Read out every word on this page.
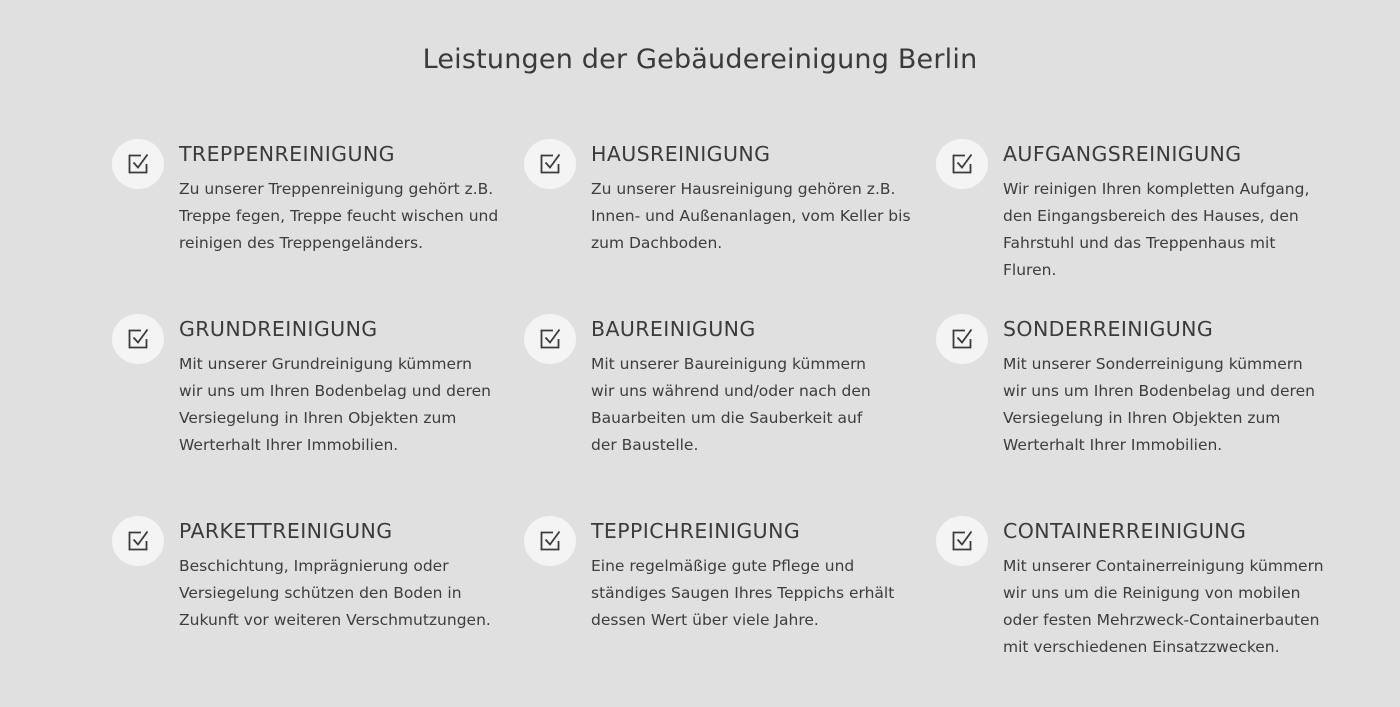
Leistungen der Gebäudereinigung Berlin
TREPPENREINIGUNG

Zu unserer Treppenreinigung gehört z.B. Treppe fegen, Treppe feucht wischen und reinigen des Treppengeländers.

HAUSREINIGUNG

Zu unserer Hausreinigung gehören z.B. Innen- und Außenanlagen, vom Keller bis zum Dachboden.

AUFGANGSREINIGUNG

Wir reinigen Ihren kompletten Aufgang, den Eingangsbereich des Hauses, den Fahrstuhl und das Treppenhaus mit Fluren.

GRUNDREINIGUNG

Mit unserer Grundreinigung kümmern wir uns um Ihren Bodenbelag und deren Versiegelung in Ihren Objekten zum Werterhalt Ihrer Immobilien.

BAUREINIGUNG

Mit unserer Baureinigung kümmern wir uns während und/oder nach den Bauarbeiten um die Sauberkeit auf der Baustelle.

SONDERREINIGUNG

Mit unserer Sonderreinigung kümmern wir uns um Ihren Bodenbelag und deren Versiegelung in Ihren Objekten zum Werterhalt Ihrer Immobilien.

PARKETTREINIGUNG

Beschichtung, Imprägnierung oder Versiegelung schützen den Boden in Zukunft vor weiteren Verschmutzungen.

TEPPICHREINIGUNG

Eine regelmäßige gute Pflege und ständiges Saugen Ihres Teppichs erhält dessen Wert über viele Jahre.

CONTAINERREINIGUNG

Mit unserer Containerreinigung kümmern wir uns um die Reinigung von mobilen oder festen Mehrzweck-Containerbauten mit verschiedenen Einsatzzwecken.
